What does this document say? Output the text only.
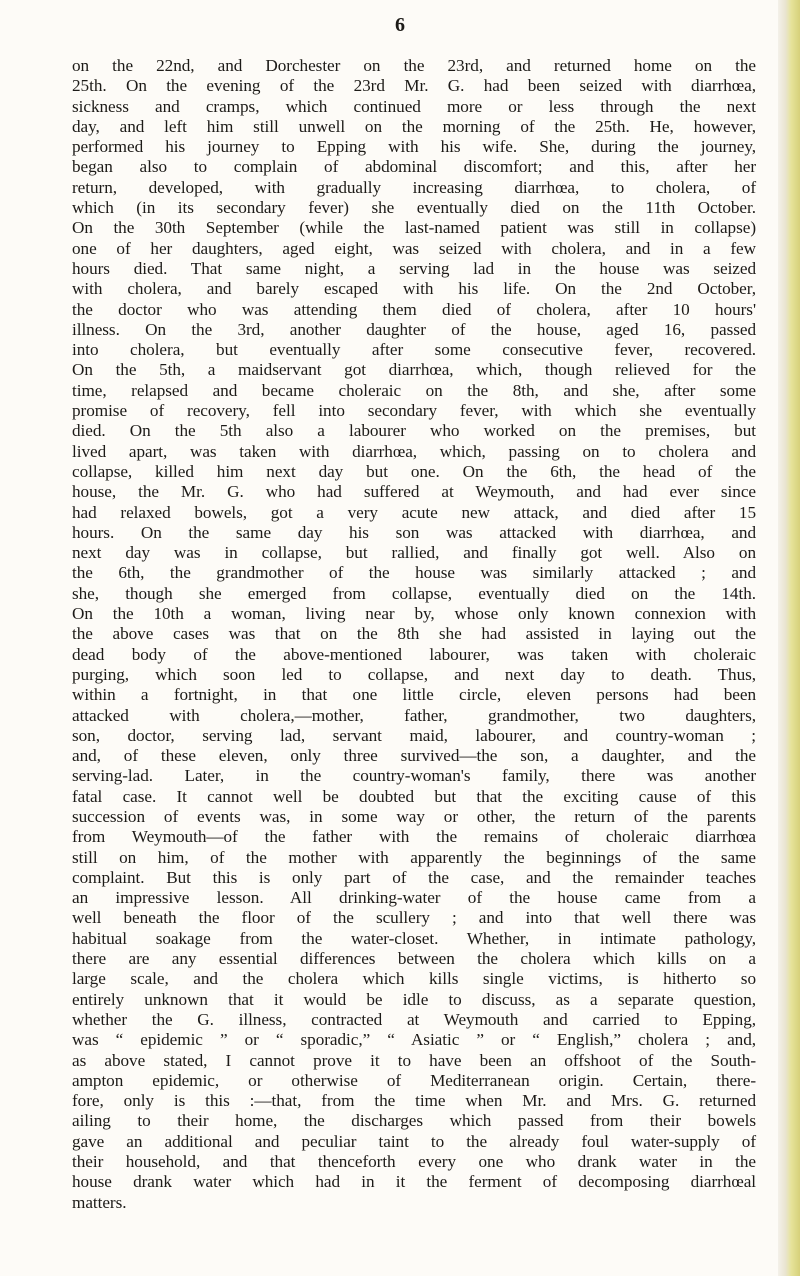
6
on the 22nd, and Dorchester on the 23rd, and returned home on the
25th. On the evening of the 23rd Mr. G. had been seized with diarrhœa,
sickness and cramps, which continued more or less through the next
day, and left him still unwell on the morning of the 25th. He, however,
performed his journey to Epping with his wife. She, during the journey,
began also to complain of abdominal discomfort; and this, after her
return, developed, with gradually increasing diarrhœa, to cholera, of
which (in its secondary fever) she eventually died on the 11th October.
On the 30th September (while the last-named patient was still in collapse)
one of her daughters, aged eight, was seized with cholera, and in a few
hours died. That same night, a serving lad in the house was seized
with cholera, and barely escaped with his life. On the 2nd October,
the doctor who was attending them died of cholera, after 10 hours'
illness. On the 3rd, another daughter of the house, aged 16, passed
into cholera, but eventually after some consecutive fever, recovered.
On the 5th, a maidservant got diarrhœa, which, though relieved for the
time, relapsed and became choleraic on the 8th, and she, after some
promise of recovery, fell into secondary fever, with which she eventually
died. On the 5th also a labourer who worked on the premises, but
lived apart, was taken with diarrhœa, which, passing on to cholera and
collapse, killed him next day but one. On the 6th, the head of the
house, the Mr. G. who had suffered at Weymouth, and had ever since
had relaxed bowels, got a very acute new attack, and died after 15
hours. On the same day his son was attacked with diarrhœa, and
next day was in collapse, but rallied, and finally got well. Also on
the 6th, the grandmother of the house was similarly attacked ; and
she, though she emerged from collapse, eventually died on the 14th.
On the 10th a woman, living near by, whose only known connexion with
the above cases was that on the 8th she had assisted in laying out the
dead body of the above-mentioned labourer, was taken with choleraic
purging, which soon led to collapse, and next day to death. Thus,
within a fortnight, in that one little circle, eleven persons had been
attacked with cholera,—mother, father, grandmother, two daughters,
son, doctor, serving lad, servant maid, labourer, and country-woman ;
and, of these eleven, only three survived—the son, a daughter, and the
serving-lad. Later, in the country-woman's family, there was another
fatal case. It cannot well be doubted but that the exciting cause of this
succession of events was, in some way or other, the return of the parents
from Weymouth—of the father with the remains of choleraic diarrhœa
still on him, of the mother with apparently the beginnings of the same
complaint. But this is only part of the case, and the remainder teaches
an impressive lesson. All drinking-water of the house came from a
well beneath the floor of the scullery ; and into that well there was
habitual soakage from the water-closet. Whether, in intimate pathology,
there are any essential differences between the cholera which kills on a
large scale, and the cholera which kills single victims, is hitherto so
entirely unknown that it would be idle to discuss, as a separate question,
whether the G. illness, contracted at Weymouth and carried to Epping,
was “ epidemic ” or “ sporadic,” “ Asiatic ” or “ English,” cholera ; and,
as above stated, I cannot prove it to have been an offshoot of the South-
ampton epidemic, or otherwise of Mediterranean origin. Certain, there-
fore, only is this :—that, from the time when Mr. and Mrs. G. returned
ailing to their home, the discharges which passed from their bowels
gave an additional and peculiar taint to the already foul water-supply of
their household, and that thenceforth every one who drank water in the
house drank water which had in it the ferment of decomposing diarrhœal
matters.
